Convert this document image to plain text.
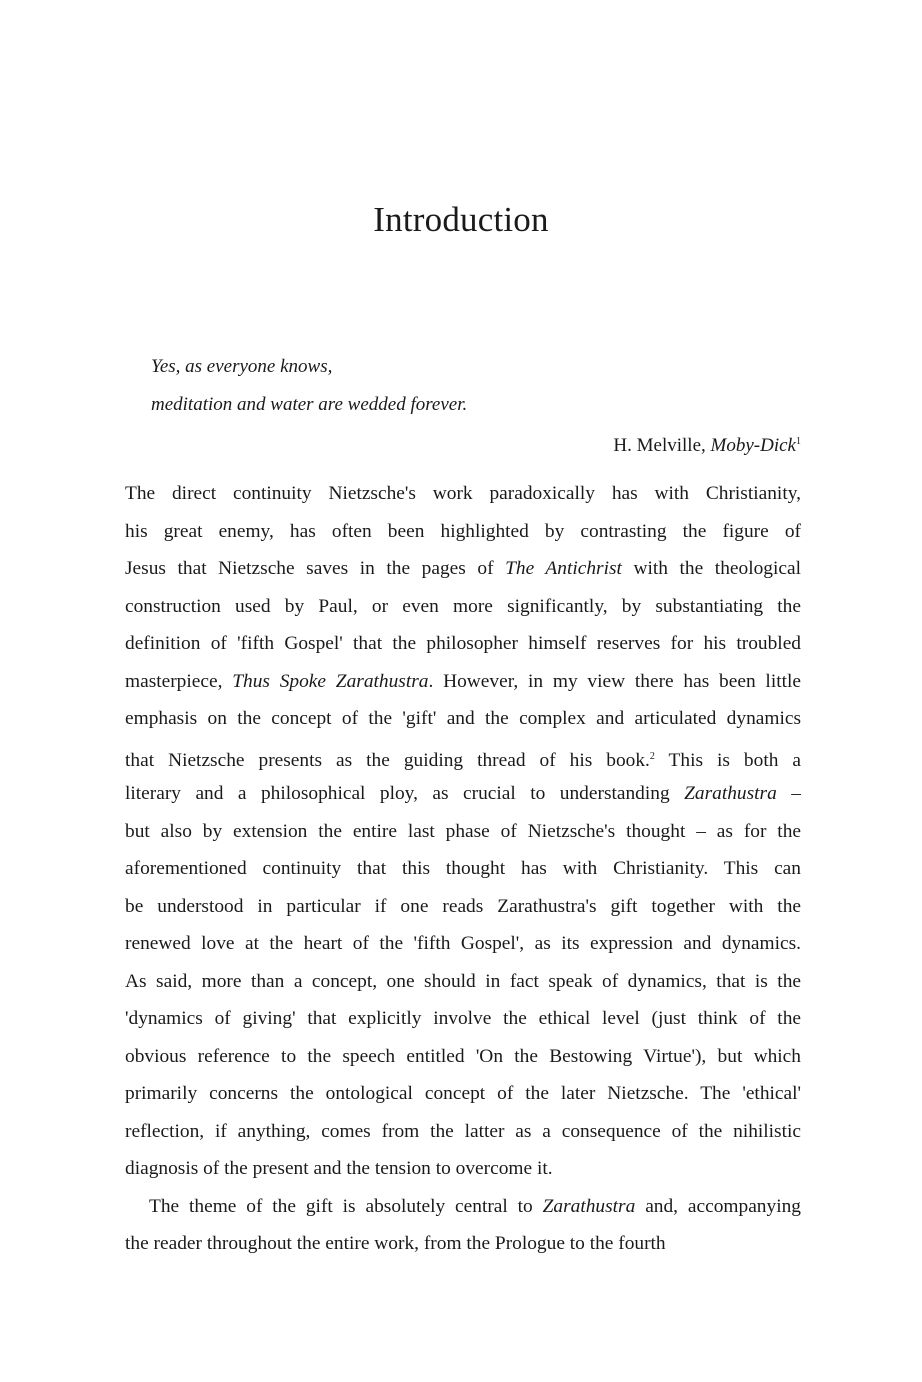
Introduction
Yes, as everyone knows,
meditation and water are wedded forever.
H. Melville, Moby-Dick$^1$
The direct continuity Nietzsche's work paradoxically has with Christianity,
his great enemy, has often been highlighted by contrasting the figure of
Jesus that Nietzsche saves in the pages of The Antichrist with the theological
construction used by Paul, or even more significantly, by substantiating the
definition of 'fifth Gospel' that the philosopher himself reserves for his troubled
masterpiece, Thus Spoke Zarathustra. However, in my view there has been little
emphasis on the concept of the 'gift' and the complex and articulated dynamics
that Nietzsche presents as the guiding thread of his book.$^2$ This is both a
literary and a philosophical ploy, as crucial to understanding Zarathustra –
but also by extension the entire last phase of Nietzsche's thought – as for the
aforementioned continuity that this thought has with Christianity. This can
be understood in particular if one reads Zarathustra's gift together with the
renewed love at the heart of the 'fifth Gospel', as its expression and dynamics.
As said, more than a concept, one should in fact speak of dynamics, that is the
'dynamics of giving' that explicitly involve the ethical level (just think of the
obvious reference to the speech entitled 'On the Bestowing Virtue'), but which
primarily concerns the ontological concept of the later Nietzsche. The 'ethical'
reflection, if anything, comes from the latter as a consequence of the nihilistic
diagnosis of the present and the tension to overcome it.
The theme of the gift is absolutely central to Zarathustra and, accompanying
the reader throughout the entire work, from the Prologue to the fourth
